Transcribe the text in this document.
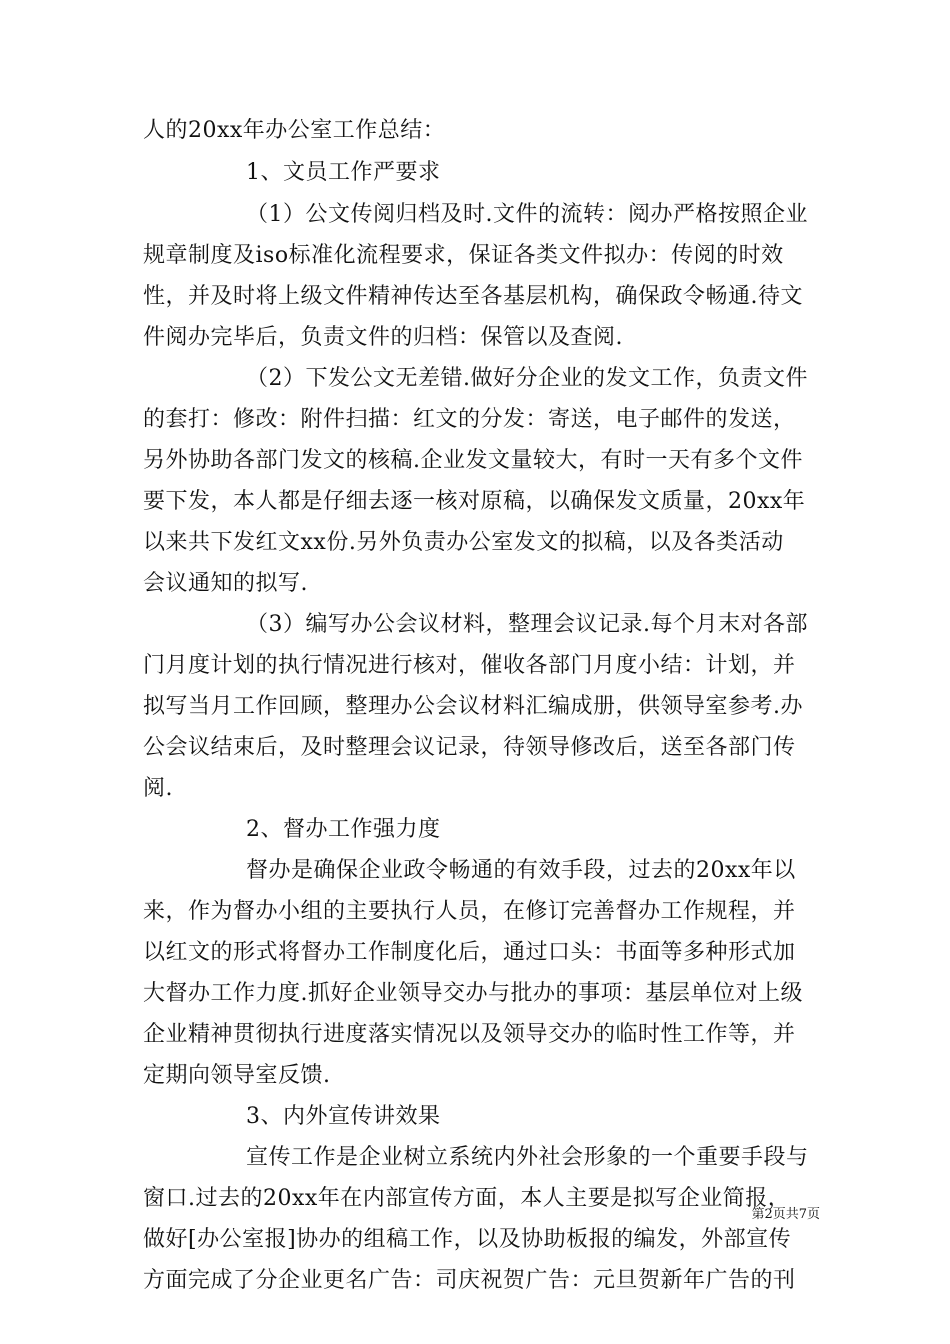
人的20xx年办公室工作总结：
1、文员工作严要求
（1）公文传阅归档及时.文件的流转：阅办严格按照企业
规章制度及iso标准化流程要求，保证各类文件拟办：传阅的时效
性，并及时将上级文件精神传达至各基层机构，确保政令畅通.待文
件阅办完毕后，负责文件的归档：保管以及查阅.
（2）下发公文无差错.做好分企业的发文工作，负责文件
的套打：修改：附件扫描：红文的分发：寄送，电子邮件的发送，
另外协助各部门发文的核稿.企业发文量较大，有时一天有多个文件
要下发，本人都是仔细去逐一核对原稿，以确保发文质量，20xx年
以来共下发红文xx份.另外负责办公室发文的拟稿，以及各类活动
会议通知的拟写.
（3）编写办公会议材料，整理会议记录.每个月末对各部
门月度计划的执行情况进行核对，催收各部门月度小结：计划，并
拟写当月工作回顾，整理办公会议材料汇编成册，供领导室参考.办
公会议结束后，及时整理会议记录，待领导修改后，送至各部门传
阅.
2、督办工作强力度
督办是确保企业政令畅通的有效手段，过去的20xx年以
来，作为督办小组的主要执行人员，在修订完善督办工作规程，并
以红文的形式将督办工作制度化后，通过口头：书面等多种形式加
大督办工作力度.抓好企业领导交办与批办的事项：基层单位对上级
企业精神贯彻执行进度落实情况以及领导交办的临时性工作等，并
定期向领导室反馈.
3、内外宣传讲效果
宣传工作是企业树立系统内外社会形象的一个重要手段与
窗口.过去的20xx年在内部宣传方面，本人主要是拟写企业简报，
做好[办公室报]协办的组稿工作，以及协助板报的编发，外部宣传
方面完成了分企业更名广告：司庆祝贺广告：元旦贺新年广告的刊
第2页共7页
